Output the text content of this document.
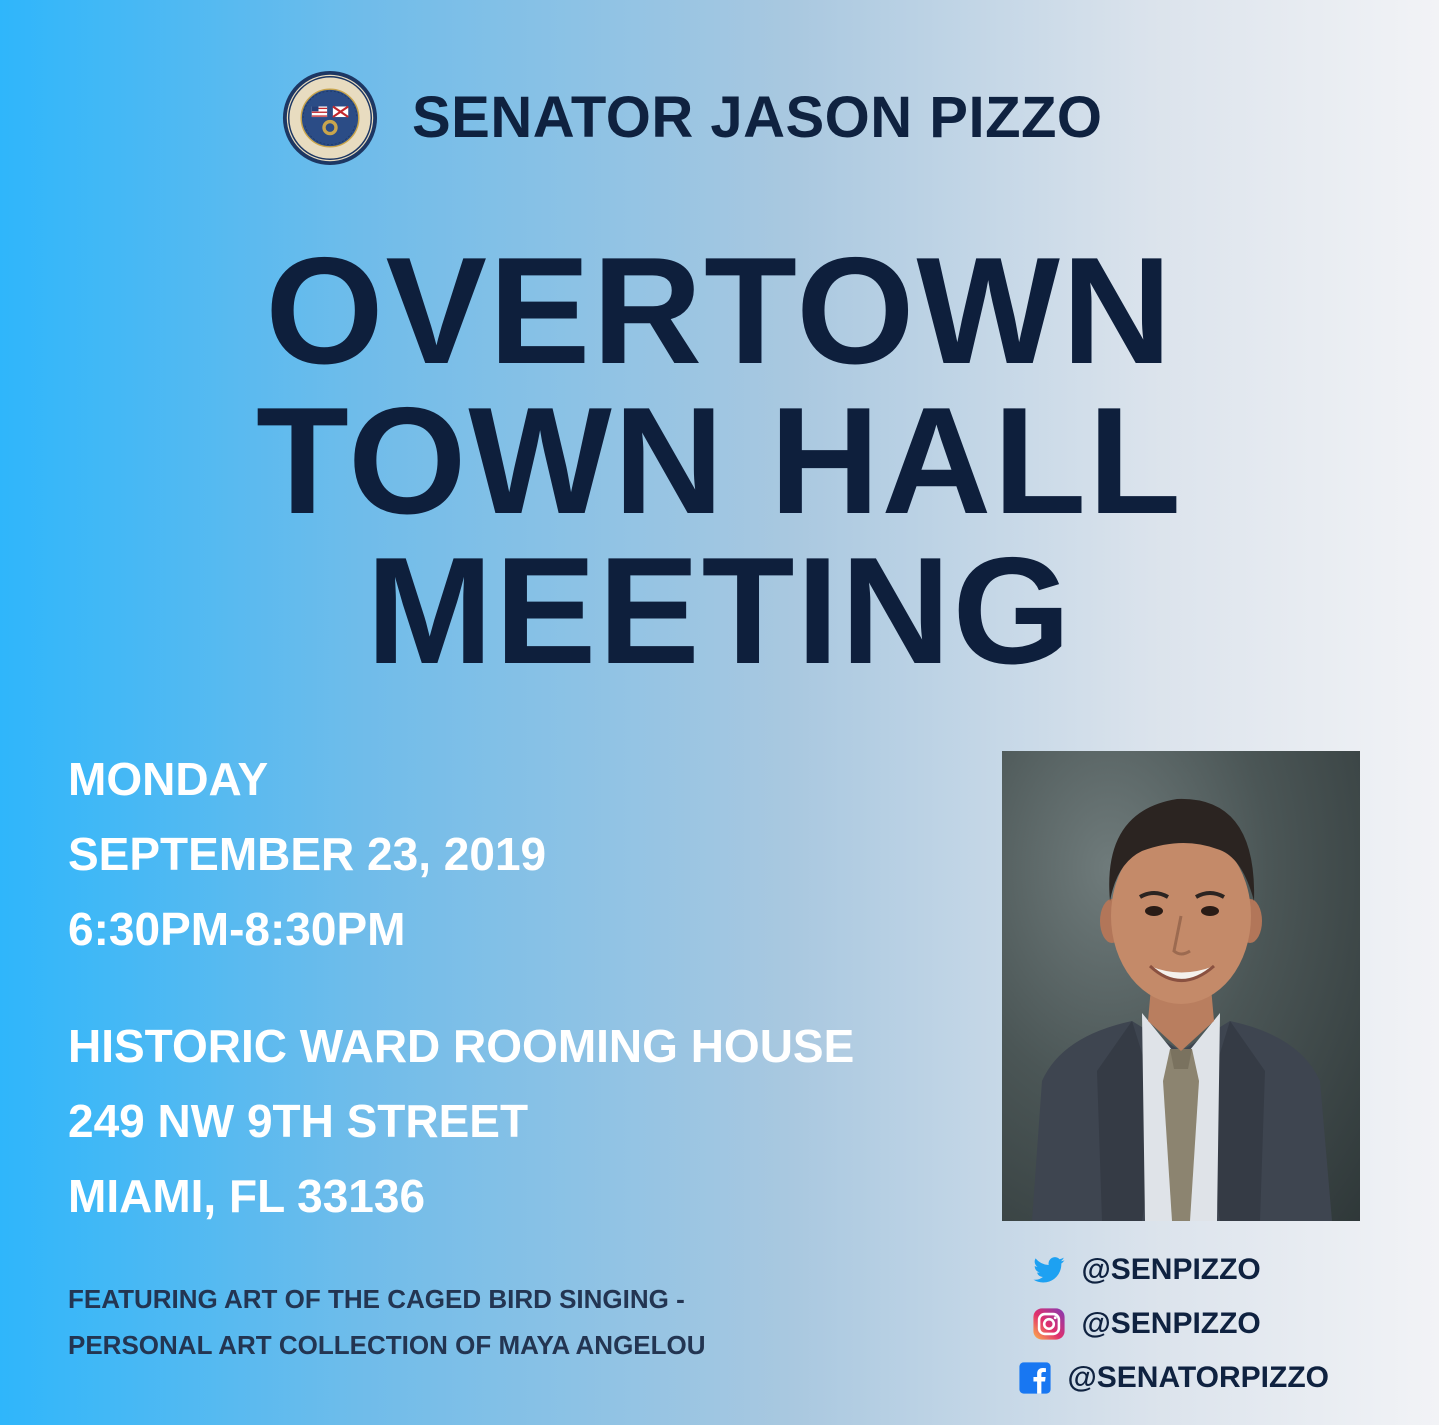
SENATOR JASON PIZZO
OVERTOWN
TOWN HALL
MEETING
MONDAY
SEPTEMBER 23, 2019
6:30PM-8:30PM
HISTORIC WARD ROOMING HOUSE
249 NW 9TH STREET
MIAMI, FL 33136
FEATURING ART OF THE CAGED BIRD SINGING -
PERSONAL ART COLLECTION OF MAYA ANGELOU
@SENPIZZO
@SENPIZZO
@SENATORPIZZO
